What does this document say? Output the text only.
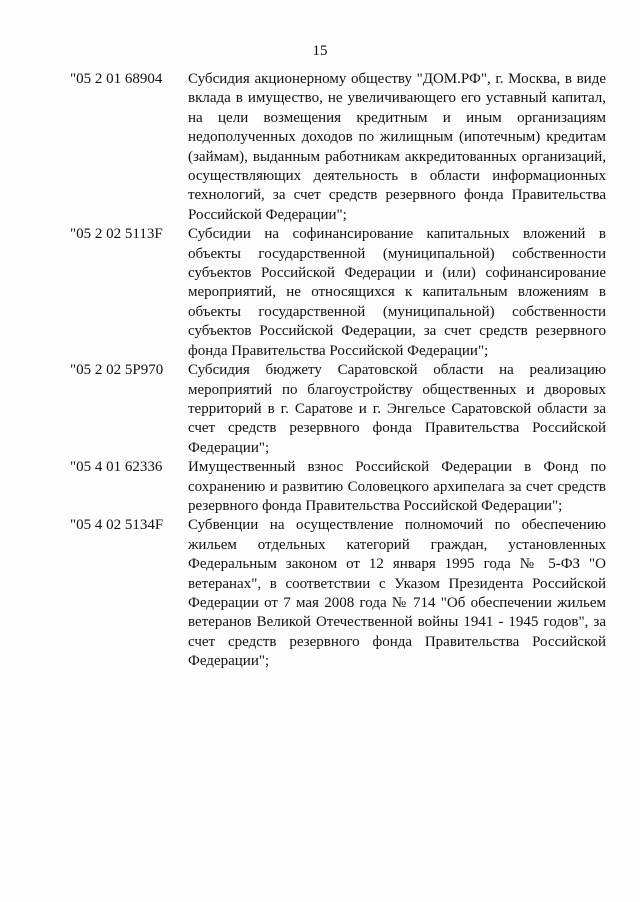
15
"05 2 01 68904	Субсидия акционерному обществу "ДОМ.РФ", г. Москва, в виде вклада в имущество, не увеличивающего его уставный капитал, на цели возмещения кредитным и иным организациям недополученных доходов по жилищным (ипотечным) кредитам (займам), выданным работникам аккредитованных организаций, осуществляющих деятельность в области информационных технологий, за счет средств резервного фонда Правительства Российской Федерации";
"05 2 02 5113F	Субсидии на софинансирование капитальных вложений в объекты государственной (муниципальной) собственности субъектов Российской Федерации и (или) софинансирование мероприятий, не относящихся к капитальным вложениям в объекты государственной (муниципальной) собственности субъектов Российской Федерации, за счет средств резервного фонда Правительства Российской Федерации";
"05 2 02 5Р970	Субсидия бюджету Саратовской области на реализацию мероприятий по благоустройству общественных и дворовых территорий в г. Саратове и г. Энгельсе Саратовской области за счет средств резервного фонда Правительства Российской Федерации";
"05 4 01 62336	Имущественный взнос Российской Федерации в Фонд по сохранению и развитию Соловецкого архипелага за счет средств резервного фонда Правительства Российской Федерации";
"05 4 02 5134F	Субвенции на осуществление полномочий по обеспечению жильем отдельных категорий граждан, установленных Федеральным законом от 12 января 1995 года № 5-ФЗ "О ветеранах", в соответствии с Указом Президента Российской Федерации от 7 мая 2008 года № 714 "Об обеспечении жильем ветеранов Великой Отечественной войны 1941 - 1945 годов", за счет средств резервного фонда Правительства Российской Федерации";
